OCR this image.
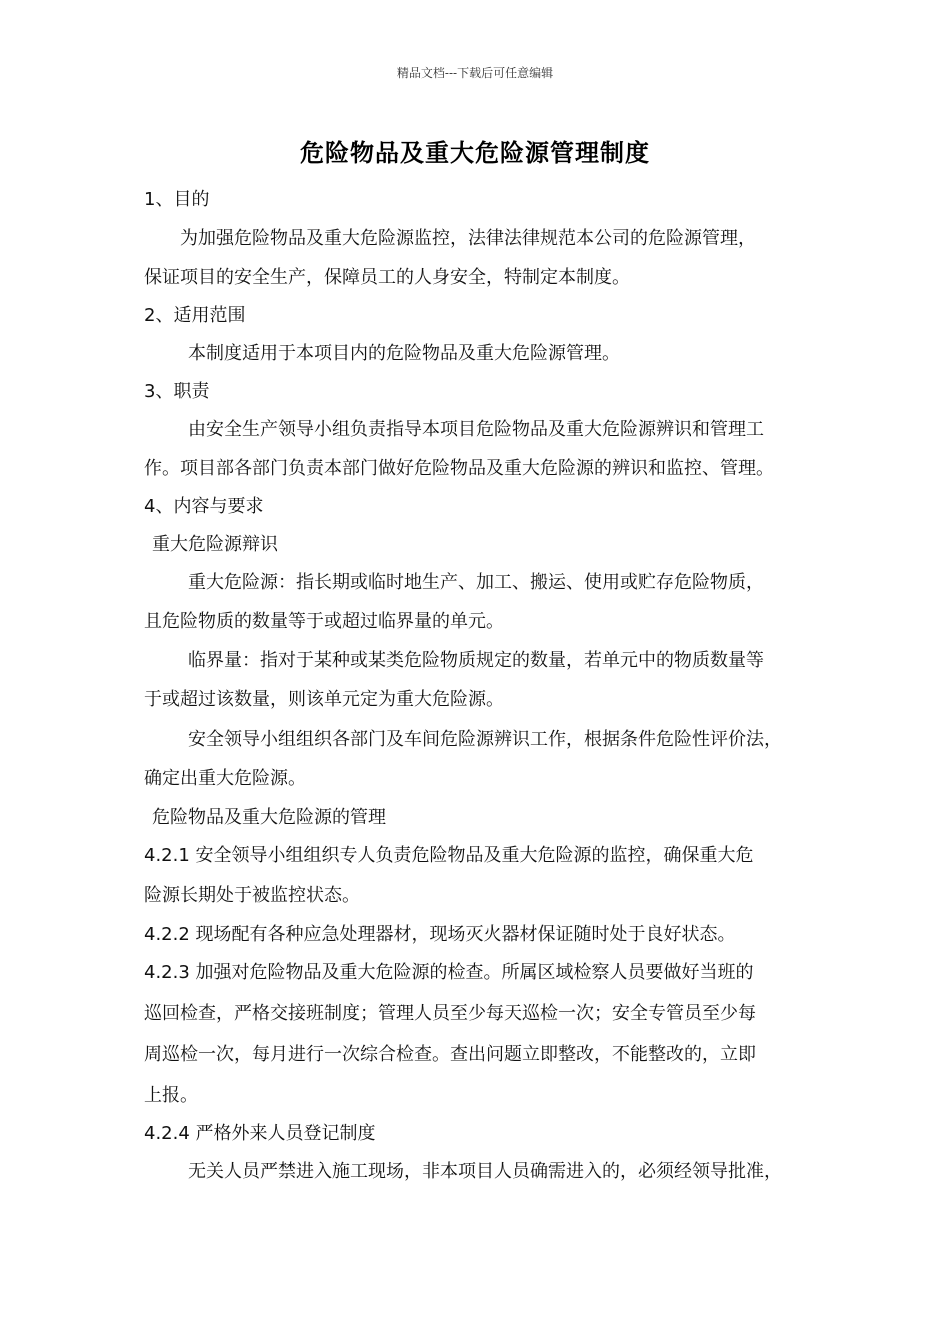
精品文档---下载后可任意编辑
危险物品及重大危险源管理制度
1、目的
为加强危险物品及重大危险源监控，法律法律规范本公司的危险源管理，
保证项目的安全生产，保障员工的人身安全，特制定本制度。
2、适用范围
本制度适用于本项目内的危险物品及重大危险源管理。
3、职责
由安全生产领导小组负责指导本项目危险物品及重大危险源辨识和管理工
作。项目部各部门负责本部门做好危险物品及重大危险源的辨识和监控、管理。
4、内容与要求
重大危险源辩识
重大危险源：指长期或临时地生产、加工、搬运、使用或贮存危险物质，
且危险物质的数量等于或超过临界量的单元。
临界量：指对于某种或某类危险物质规定的数量，若单元中的物质数量等
于或超过该数量，则该单元定为重大危险源。
安全领导小组组织各部门及车间危险源辨识工作，根据条件危险性评价法，
确定出重大危险源。
危险物品及重大危险源的管理
4.2.1 安全领导小组组织专人负责危险物品及重大危险源的监控，确保重大危
险源长期处于被监控状态。
4.2.2 现场配有各种应急处理器材，现场灭火器材保证随时处于良好状态。
4.2.3 加强对危险物品及重大危险源的检查。所属区域检察人员要做好当班的
巡回检查，严格交接班制度；管理人员至少每天巡检一次；安全专管员至少每
周巡检一次，每月进行一次综合检查。查出问题立即整改，不能整改的，立即
上报。
4.2.4 严格外来人员登记制度
无关人员严禁进入施工现场，非本项目人员确需进入的，必须经领导批准，
